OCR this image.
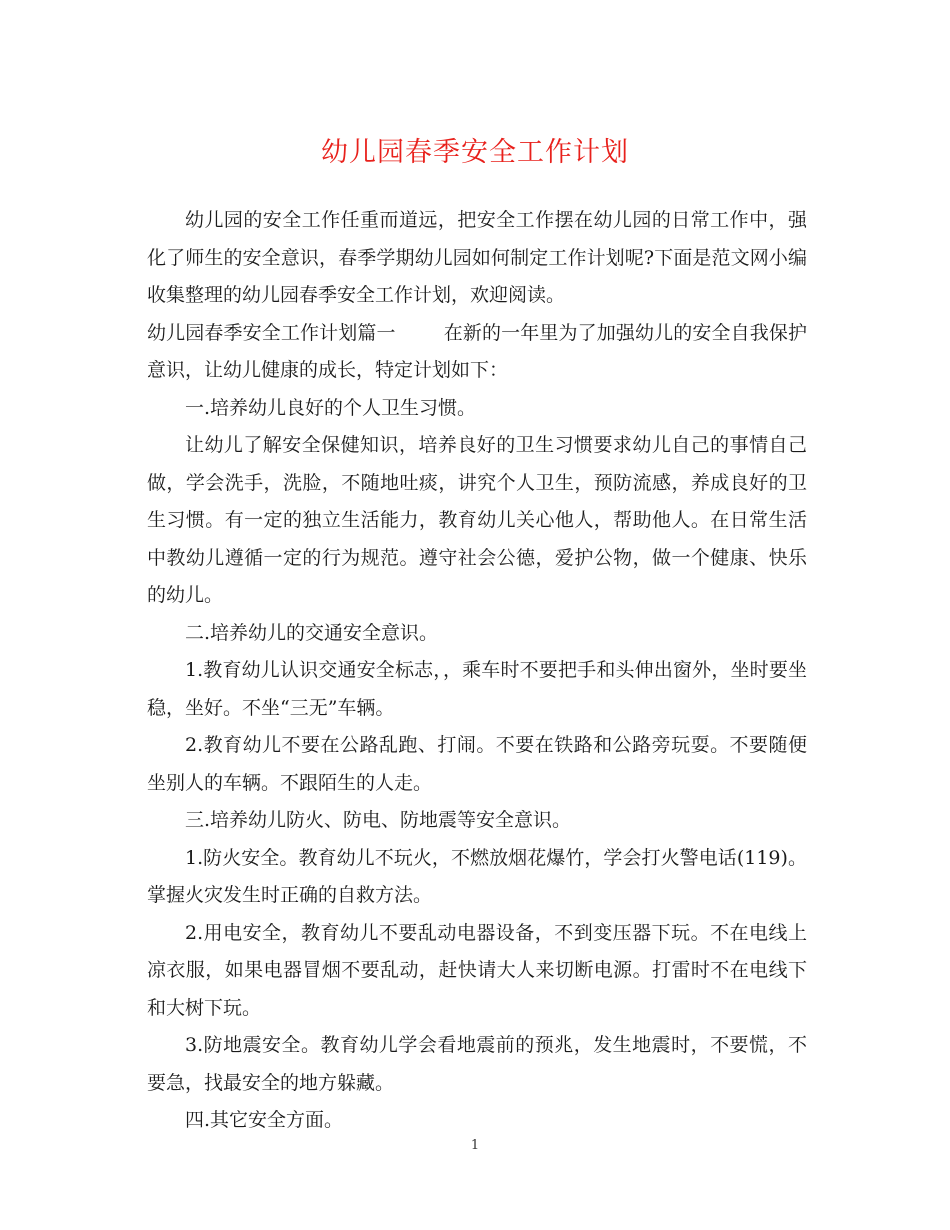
幼儿园春季安全工作计划

幼儿园的安全工作任重而道远，把安全工作摆在幼儿园的日常工作中，强化了师生的安全意识，春季学期幼儿园如何制定工作计划呢?下面是范文网小编收集整理的幼儿园春季安全工作计划，欢迎阅读。

幼儿园春季安全工作计划篇一	在新的一年里为了加强幼儿的安全自我保护意识，让幼儿健康的成长，特定计划如下：

一.培养幼儿良好的个人卫生习惯。

让幼儿了解安全保健知识，培养良好的卫生习惯要求幼儿自己的事情自己做，学会洗手，洗脸，不随地吐痰，讲究个人卫生，预防流感，养成良好的卫生习惯。有一定的独立生活能力，教育幼儿关心他人，帮助他人。在日常生活中教幼儿遵循一定的行为规范。遵守社会公德，爱护公物，做一个健康、快乐的幼儿。

二.培养幼儿的交通安全意识。

1.教育幼儿认识交通安全标志，，乘车时不要把手和头伸出窗外，坐时要坐稳，坐好。不坐“三无”车辆。

2.教育幼儿不要在公路乱跑、打闹。不要在铁路和公路旁玩耍。不要随便坐别人的车辆。不跟陌生的人走。

三.培养幼儿防火、防电、防地震等安全意识。

1.防火安全。教育幼儿不玩火，不燃放烟花爆竹，学会打火警电话(119)。掌握火灾发生时正确的自救方法。

2.用电安全，教育幼儿不要乱动电器设备，不到变压器下玩。不在电线上凉衣服，如果电器冒烟不要乱动，赶快请大人来切断电源。打雷时不在电线下和大树下玩。

3.防地震安全。教育幼儿学会看地震前的预兆，发生地震时，不要慌，不要急，找最安全的地方躲藏。

四.其它安全方面。

1
